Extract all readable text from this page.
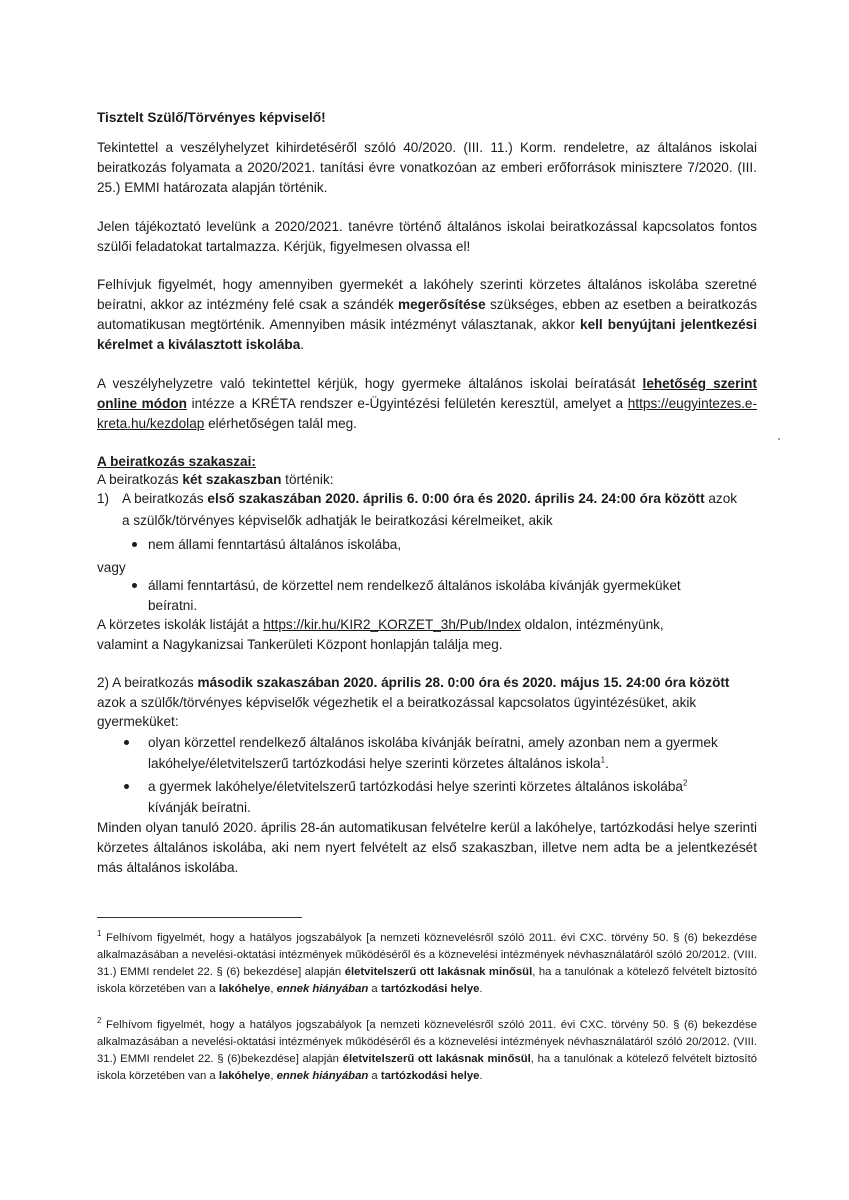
Tisztelt Szülő/Törvényes képviselő!

Tekintettel a veszélyhelyzet kihirdetéséről szóló 40/2020. (III. 11.) Korm. rendeletre, az általános iskolai beiratkozás folyamata a 2020/2021. tanítási évre vonatkozóan az emberi erőforrások minisztere 7/2020. (III. 25.) EMMI határozata alapján történik.

Jelen tájékoztató levelünk a 2020/2021. tanévre történő általános iskolai beiratkozással kapcsolatos fontos szülői feladatokat tartalmazza. Kérjük, figyelmesen olvassa el!

Felhívjuk figyelmét, hogy amennyiben gyermekét a lakóhely szerinti körzetes általános iskolába szeretné beíratni, akkor az intézmény felé csak a szándék megerősítése szükséges, ebben az esetben a beiratkozás automatikusan megtörténik. Amennyiben másik intézményt választanak, akkor kell benyújtani jelentkezési kérelmet a kiválasztott iskolába.

A veszélyhelyzetre való tekintettel kérjük, hogy gyermeke általános iskolai beíratását lehetőség szerint online módon intézze a KRÉTA rendszer e-Ügyintézési felületén keresztül, amelyet a https://eugyintezes.e-kreta.hu/kezdolap elérhetőségen talál meg.

A beiratkozás szakaszai:
A beiratkozás két szakaszban történik:
1) A beiratkozás első szakaszában 2020. április 6. 0:00 óra és 2020. április 24. 24:00 óra között azok
a szülők/törvényes képviselők adhatják le beiratkozási kérelmeiket, akik
nem állami fenntartású általános iskolába,
vagy
állami fenntartású, de körzettel nem rendelkező általános iskolába kívánják gyermeküket
beíratni.
A körzetes iskolák listáját a https://kir.hu/KIR2_KORZET_3h/Pub/Index oldalon, intézményünk,
valamint a Nagykanizsai Tankerületi Központ honlapján találja meg.
2) A beiratkozás második szakaszában 2020. április 28. 0:00 óra és 2020. május 15. 24:00 óra között
azok a szülők/törvényes képviselők végezhetik el a beiratkozással kapcsolatos ügyintézésüket, akik
gyermeküket:
olyan körzettel rendelkező általános iskolába kívánják beíratni, amely azonban nem a gyermek
lakóhelye/életvitelszerű tartózkodási helye szerinti körzetes általános iskola$^1$.
a gyermek lakóhelye/életvitelszerű tartózkodási helye szerinti körzetes általános iskolába$^2$
kívánják beíratni.

Minden olyan tanuló 2020. április 28-án automatikusan felvételre kerül a lakóhelye, tartózkodási helye szerinti körzetes általános iskolába, aki nem nyert felvételt az első szakaszban, illetve nem adta be a jelentkezését más általános iskolába.

$^1$ Felhívom figyelmét, hogy a hatályos jogszabályok [a nemzeti köznevelésről szóló 2011. évi CXC. törvény 50. § (6) bekezdése alkalmazásában a nevelési-oktatási intézmények működéséről és a köznevelési intézmények névhasználatáról szóló 20/2012. (VIII. 31.) EMMI rendelet 22. § (6) bekezdése] alapján életvitelszerű ott lakásnak minősül, ha a tanulónak a kötelező felvételt biztosító iskola körzetében van a lakóhelye, ennek hiányában a tartózkodási helye.

$^2$ Felhívom figyelmét, hogy a hatályos jogszabályok [a nemzeti köznevelésről szóló 2011. évi CXC. törvény 50. § (6) bekezdése alkalmazásában a nevelési-oktatási intézmények működéséről és a köznevelési intézmények névhasználatáról szóló 20/2012. (VIII. 31.) EMMI rendelet 22. § (6)bekezdése] alapján életvitelszerű ott lakásnak minősül, ha a tanulónak a kötelező felvételt biztosító iskola körzetében van a lakóhelye, ennek hiányában a tartózkodási helye.
